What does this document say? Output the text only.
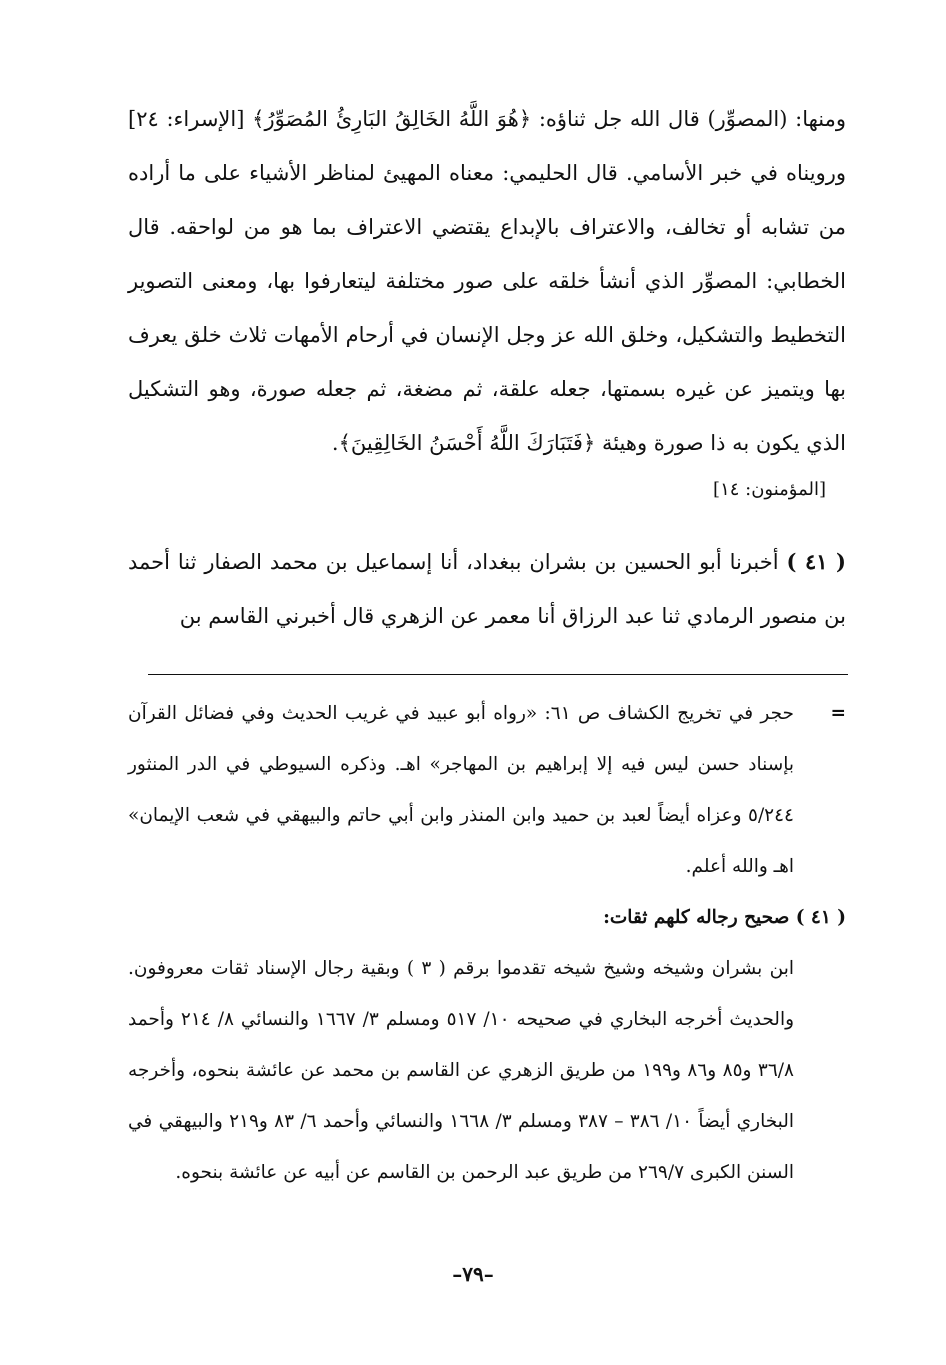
ومنها: (المصوِّر) قال الله جل ثناؤه: ﴿هُوَ اللَّهُ الخَالِقُ البَارِئُ المُصَوِّرُ﴾ [الإسراء: ٢٤] ورويناه في خبر الأسامي. قال الحليمي: معناه المهيئ لمناظر الأشياء على ما أراده من تشابه أو تخالف، والاعتراف بالإبداع يقتضي الاعتراف بما هو من لواحقه. قال الخطابي: المصوِّر الذي أنشأ خلقه على صور مختلفة ليتعارفوا بها، ومعنى التصوير التخطيط والتشكيل، وخلق الله عز وجل الإنسان في أرحام الأمهات ثلاث خلق يعرف بها ويتميز عن غيره بسمتها، جعله علقة، ثم مضغة، ثم جعله صورة، وهو التشكيل الذي يكون به ذا صورة وهيئة ﴿فَتَبَارَكَ اللَّهُ أَحْسَنُ الخَالِقِينَ﴾.

[المؤمنون: ١٤]

( ٤١ ) أخبرنا أبو الحسين بن بشران ببغداد، أنا إسماعيل بن محمد الصفار ثنا أحمد بن منصور الرمادي ثنا عبد الرزاق أنا معمر عن الزهري قال أخبرني القاسم بن

=
حجر في تخريج الكشاف ص ٦١: «رواه أبو عبيد في غريب الحديث وفي فضائل القرآن بإسناد حسن ليس فيه إلا إبراهيم بن المهاجر» اهـ. وذكره السيوطي في الدر المنثور ٥/٢٤٤ وعزاه أيضاً لعبد بن حميد وابن المنذر وابن أبي حاتم والبيهقي في شعب الإيمان» اهـ والله أعلم.

( ٤١ ) صحيح رجاله كلهم ثقات:

ابن بشران وشيخه وشيخ شيخه تقدموا برقم ( ٣ ) وبقية رجال الإسناد ثقات معروفون. والحديث أخرجه البخاري في صحيحه ١٠/ ٥١٧ ومسلم ٣/ ١٦٦٧ والنسائي ٨/ ٢١٤ وأحمد ٣٦/٨ و٨٥ و٨٦ و١٩٩ من طريق الزهري عن القاسم بن محمد عن عائشة بنحوه، وأخرجه البخاري أيضاً ١٠/ ٣٨٦ – ٣٨٧ ومسلم ٣/ ١٦٦٨ والنسائي وأحمد ٦/ ٨٣ و٢١٩ والبيهقي في السنن الكبرى ٢٦٩/٧ من طريق عبد الرحمن بن القاسم عن أبيه عن عائشة بنحوه.

–٧٩–
